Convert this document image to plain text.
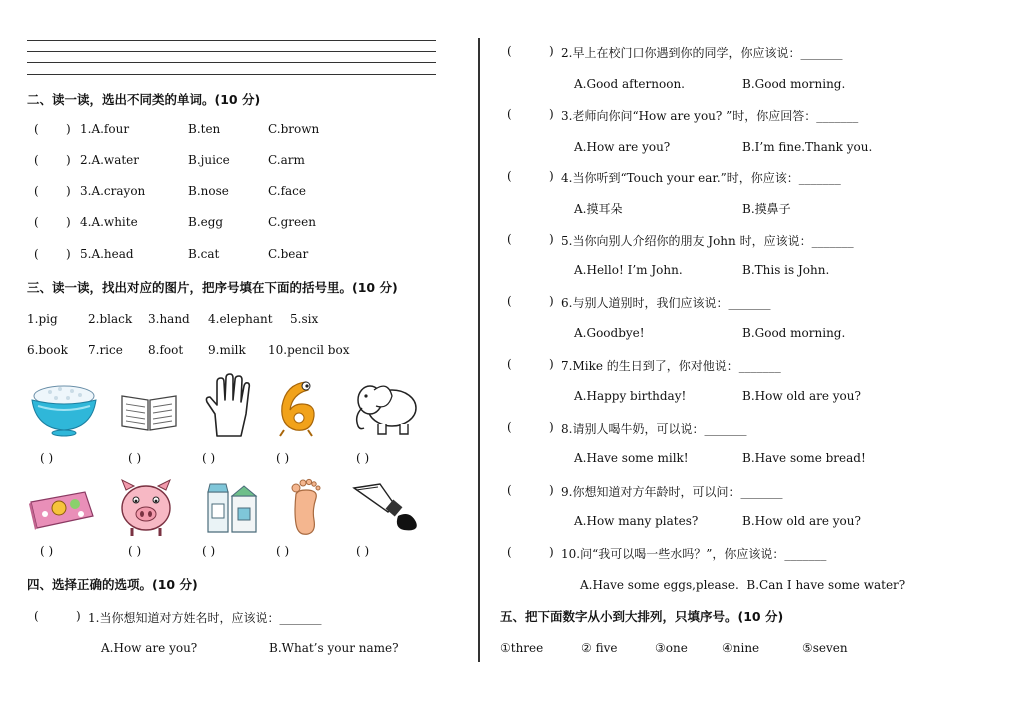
二、读一读，选出不同类的单词。(10 分)
( ) 1.A.four	B.ten	C.brown
( ) 2.A.water	B.juice	C.arm
( ) 3.A.crayon	B.nose	C.face
( ) 4.A.white	B.egg	C.green
( ) 5.A.head	B.cat	C.bear
三、读一读，找出对应的图片，把序号填在下面的括号里。(10 分)
1.pig	2.black 3.hand 4.elephant 5.six
6.book 7.rice 8.foot 9.milk 10.pencil box
( )	( )	( )	( )	( )
( )	( )	( )	( )	( )
四、选择正确的选项。(10 分)
(	) 1.当你想知道对方姓名时，应该说：_______
A.How are you?	B.What’s your name?
(	) 2.早上在校门口你遇到你的同学，你应该说：_______
A.Good afternoon.	B.Good morning.
(	) 3.老师向你问“How are you? ”时，你应回答：_______
A.How are you?	B.I’m fine.Thank you.
(	) 4.当你听到“Touch your ear.”时，你应该：_______
A.摸耳朵	B.摸鼻子
(	) 5.当你向别人介绍你的朋友 John 时，应该说：_______
A.Hello! I’m John.	B.This is John.
(	) 6.与别人道别时，我们应该说：_______
A.Goodbye!	B.Good morning.
(	) 7.Mike 的生日到了，你对他说：_______
A.Happy birthday!	B.How old are you?
(	) 8.请别人喝牛奶，可以说：_______
A.Have some milk!	B.Have some bread!
(	) 9.你想知道对方年龄时，可以问：_______
A.How many plates?	B.How old are you?
(	) 10.问“我可以喝一些水吗？”，你应该说：_______
A.Have some eggs,please.  B.Can I have some water?
五、把下面数字从小到大排列，只填序号。(10 分)
①three	② five	③one	④nine	⑤seven
